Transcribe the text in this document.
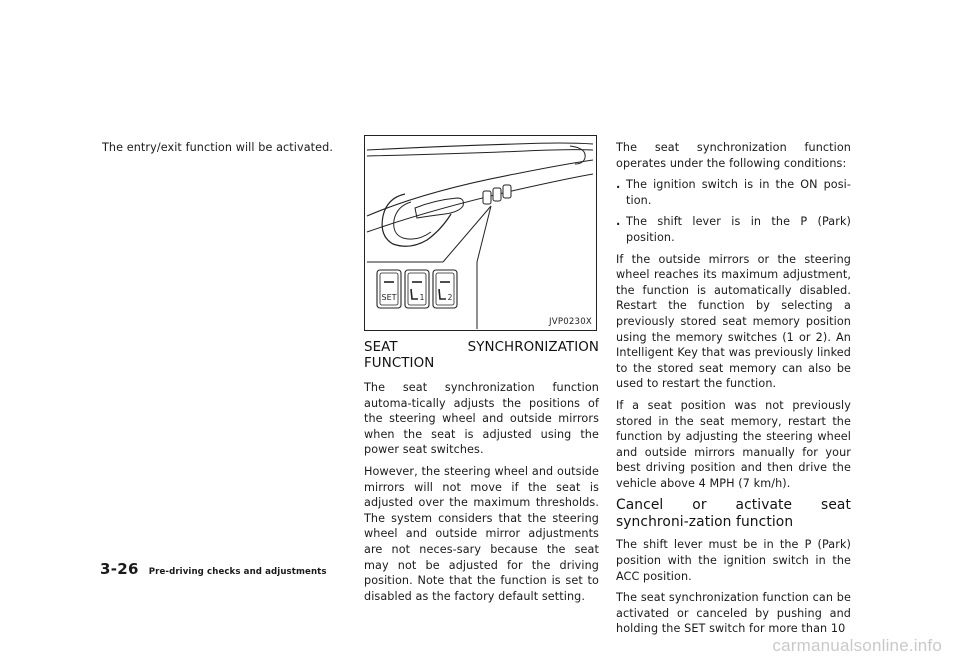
The entry/exit function will be activated.

SET	1	2
JVP0230X
SEAT SYNCHRONIZATION FUNCTION

The seat synchronization function automa-tically adjusts the positions of the steering wheel and outside mirrors when the seat is adjusted using the power seat switches.

However, the steering wheel and outside mirrors will not move if the seat is adjusted over the maximum thresholds. The system considers that the steering wheel and outside mirror adjustments are not neces-sary because the seat may not be adjusted for the driving position. Note that the function is set to disabled as the factory default setting.

The seat synchronization function operates under the following conditions:

. The ignition switch is in the ON posi-tion.
. The shift lever is in the P (Park) position.

If the outside mirrors or the steering wheel reaches its maximum adjustment, the function is automatically disabled. Restart the function by selecting a previously stored seat memory position using the memory switches (1 or 2). An Intelligent Key that was previously linked to the stored seat memory can also be used to restart the function.

If a seat position was not previously stored in the seat memory, restart the function by adjusting the steering wheel and outside mirrors manually for your best driving position and then drive the vehicle above 4 MPH (7 km/h).

Cancel or activate seat synchroni-zation function

The shift lever must be in the P (Park) position with the ignition switch in the ACC position.

The seat synchronization function can be activated or canceled by pushing and holding the SET switch for more than 10

3-26 Pre-driving checks and adjustments
carmanualsonline.info
